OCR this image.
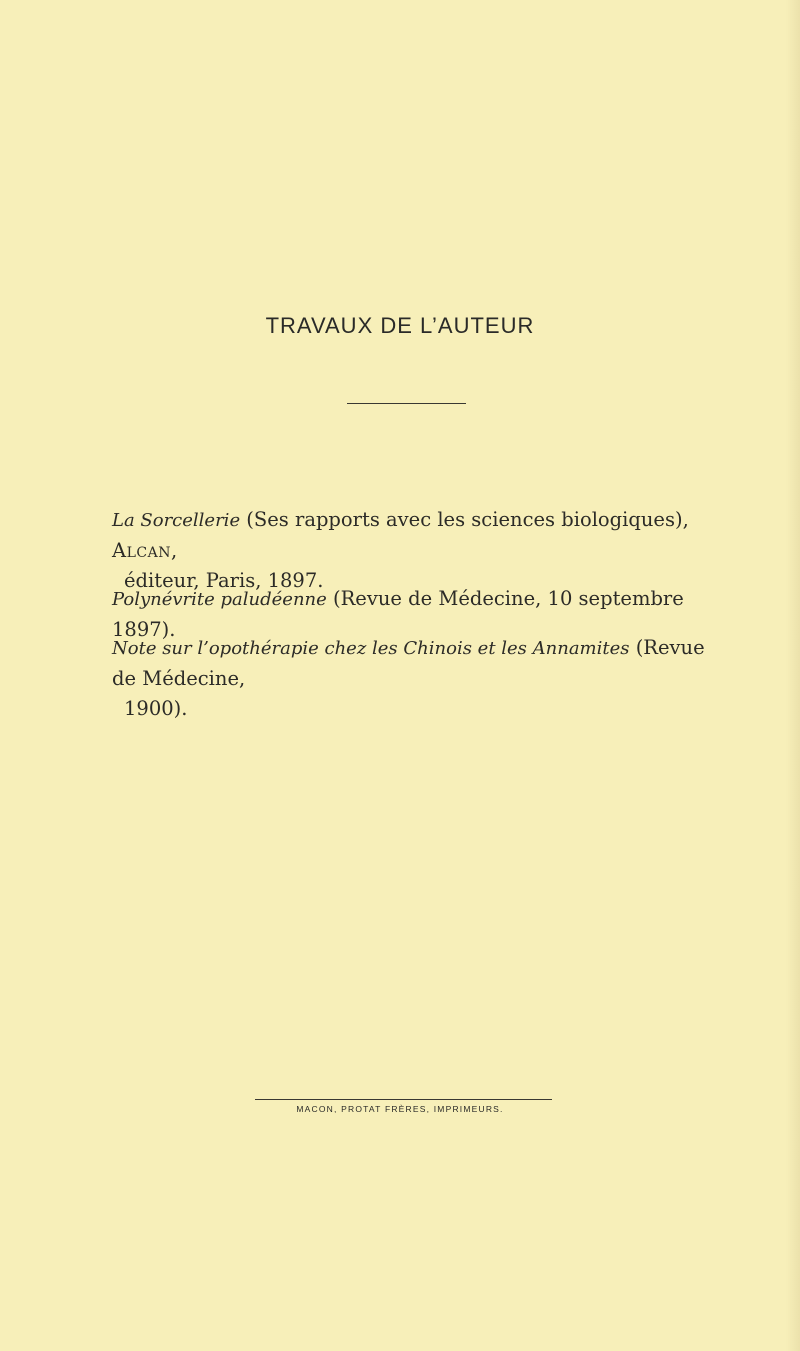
TRAVAUX DE L’AUTEUR
La Sorcellerie (Ses rapports avec les sciences biologiques), Alcan,
éditeur, Paris, 1897.
Polynévrite paludéenne (Revue de Médecine, 10 septembre 1897).
Note sur l’opothérapie chez les Chinois et les Annamites (Revue de Médecine,
1900).
MACON, PROTAT FRÈRES, IMPRIMEURS.
